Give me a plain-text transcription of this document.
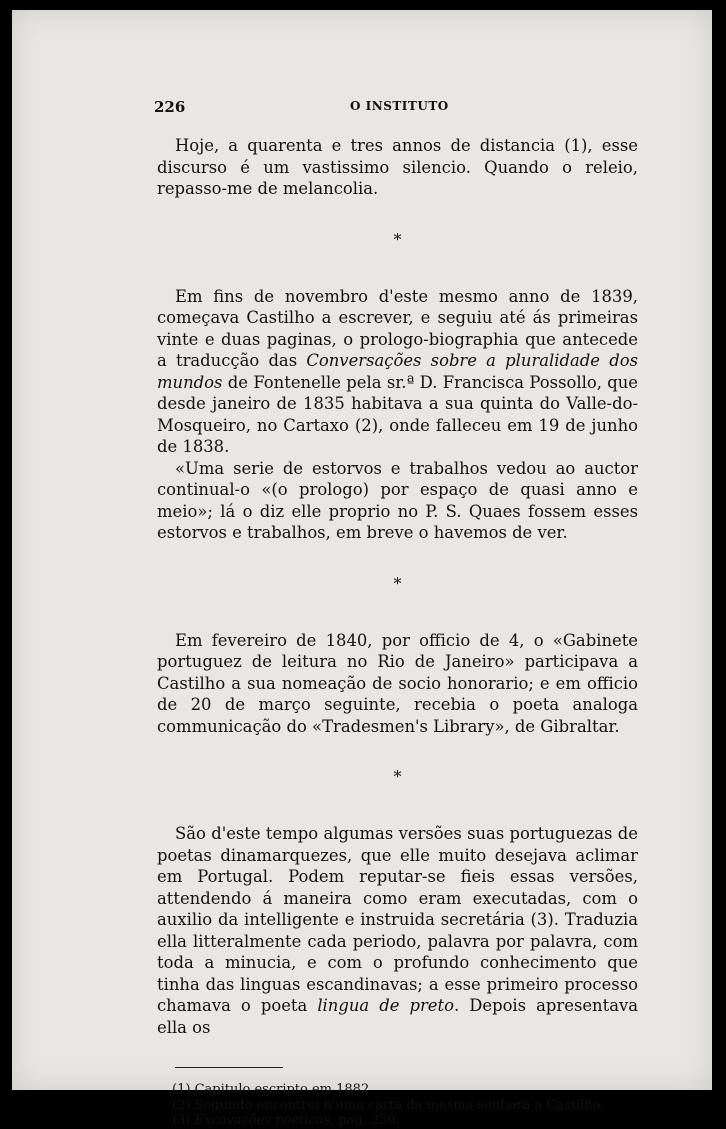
226	O INSTITUTO

Hoje, a quarenta e tres annos de distancia (1), esse discurso é um vastissimo silencio. Quando o releio, repasso-me de melancolia.

*

Em fins de novembro d'este mesmo anno de 1839, começava Castilho a escrever, e seguiu até ás primeiras vinte e duas paginas, o prologo-biographia que antecede a traducção das Conversações sobre a pluralidade dos mundos de Fontenelle pela sr.ª D. Francisca Possollo, que desde janeiro de 1835 habitava a sua quinta do Valle-do-Mosqueiro, no Cartaxo (2), onde falleceu em 19 de junho de 1838.

«Uma serie de estorvos e trabalhos vedou ao auctor continual-o «(o prologo) por espaço de quasi anno e meio»; lá o diz elle proprio no P. S. Quaes fossem esses estorvos e trabalhos, em breve o havemos de ver.

*

Em fevereiro de 1840, por officio de 4, o «Gabinete portuguez de leitura no Rio de Janeiro» participava a Castilho a sua nomeação de socio honorario; e em officio de 20 de março seguinte, recebia o poeta analoga communicação do «Tradesmen's Library», de Gibraltar.

*

São d'este tempo algumas versões suas portuguezas de poetas dinamarquezes, que elle muito desejava aclimar em Portugal. Podem reputar-se fieis essas versões, attendendo á maneira como eram executadas, com o auxilio da intelligente e instruida secretária (3). Traduzia ella litteralmente cada periodo, palavra por palavra, com toda a minucia, e com o profundo conhecimento que tinha das linguas escandinavas; a esse primeiro processo chamava o poeta lingua de preto. Depois apresentava ella os

(1) Capitulo escripto em 1882.
(2) Segundo encontrei n'uma carta da mesma senhora a Castilho.
(3) Excavações poeticas, pag. 250.
